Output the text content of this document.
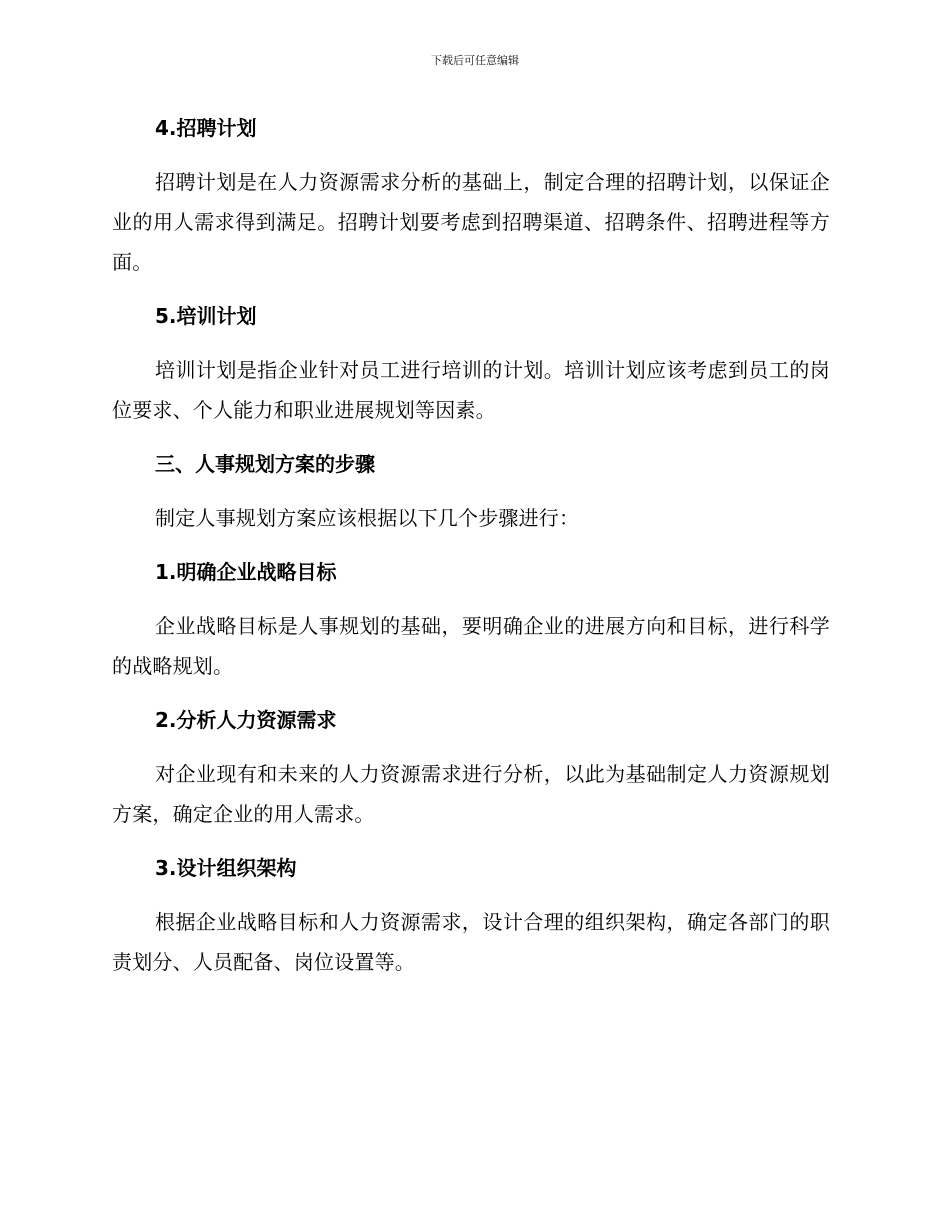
下载后可任意编辑
4.招聘计划
招聘计划是在人力资源需求分析的基础上，制定合理的招聘计划，以保证企业的用人需求得到满足。招聘计划要考虑到招聘渠道、招聘条件、招聘进程等方面。
5.培训计划
培训计划是指企业针对员工进行培训的计划。培训计划应该考虑到员工的岗位要求、个人能力和职业进展规划等因素。
三、人事规划方案的步骤
制定人事规划方案应该根据以下几个步骤进行：
1.明确企业战略目标
企业战略目标是人事规划的基础，要明确企业的进展方向和目标，进行科学的战略规划。
2.分析人力资源需求
对企业现有和未来的人力资源需求进行分析，以此为基础制定人力资源规划方案，确定企业的用人需求。
3.设计组织架构
根据企业战略目标和人力资源需求，设计合理的组织架构，确定各部门的职责划分、人员配备、岗位设置等。
